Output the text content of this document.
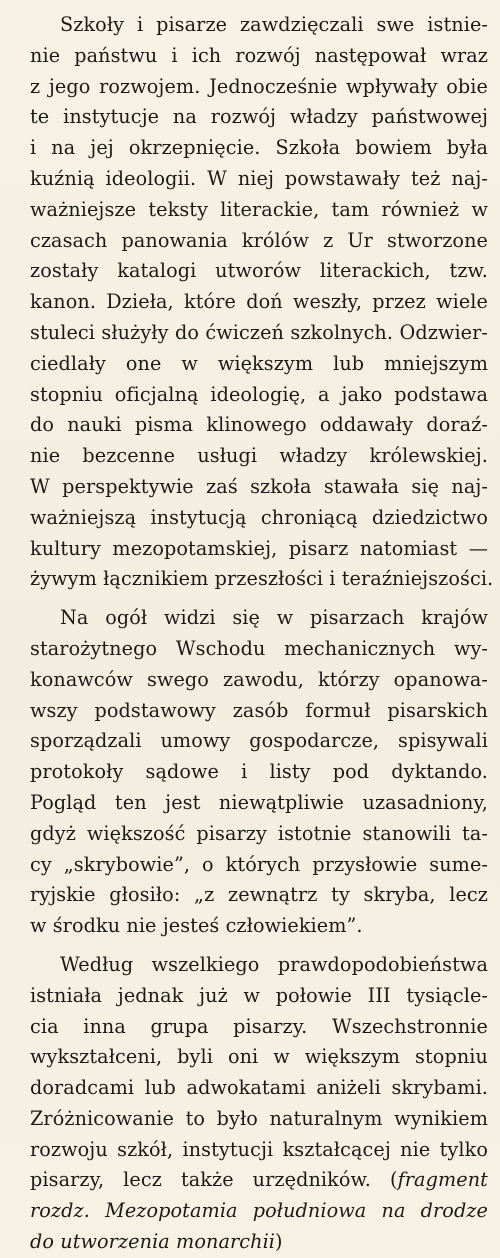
Szkoły i pisarze zawdzięczali swe istnie-
nie państwu i ich rozwój następował wraz
z jego rozwojem. Jednocześnie wpływały obie
te instytucje na rozwój władzy państwowej
i na jej okrzepnięcie. Szkoła bowiem była
kuźnią ideologii. W niej powstawały też naj-
ważniejsze teksty literackie, tam również w
czasach panowania królów z Ur stworzone
zostały katalogi utworów literackich, tzw.
kanon. Dzieła, które doń weszły, przez wiele
stuleci służyły do ćwiczeń szkolnych. Odzwier-
ciedlały one w większym lub mniejszym
stopniu oficjalną ideologię, a jako podstawa
do nauki pisma klinowego oddawały doraź-
nie bezcenne usługi władzy królewskiej.
W perspektywie zaś szkoła stawała się naj-
ważniejszą instytucją chroniącą dziedzictwo
kultury mezopotamskiej, pisarz natomiast —
żywym łącznikiem przeszłości i teraźniejszości.
Na ogół widzi się w pisarzach krajów
starożytnego Wschodu mechanicznych wy-
konawców swego zawodu, którzy opanowa-
wszy podstawowy zasób formuł pisarskich
sporządzali umowy gospodarcze, spisywali
protokoły sądowe i listy pod dyktando.
Pogląd ten jest niewątpliwie uzasadniony,
gdyż większość pisarzy istotnie stanowili ta-
cy „skrybowie”, o których przysłowie sume-
ryjskie głosiło: „z zewnątrz ty skryba, lecz
w środku nie jesteś człowiekiem”.
Według wszelkiego prawdopodobieństwa
istniała jednak już w połowie III tysiącle-
cia inna grupa pisarzy. Wszechstronnie
wykształceni, byli oni w większym stopniu
doradcami lub adwokatami aniżeli skrybami.
Zróżnicowanie to było naturalnym wynikiem
rozwoju szkół, instytucji kształcącej nie tylko
pisarzy, lecz także urzędników. (fragment
rozdz. Mezopotamia południowa na drodze
do utworzenia monarchii)
